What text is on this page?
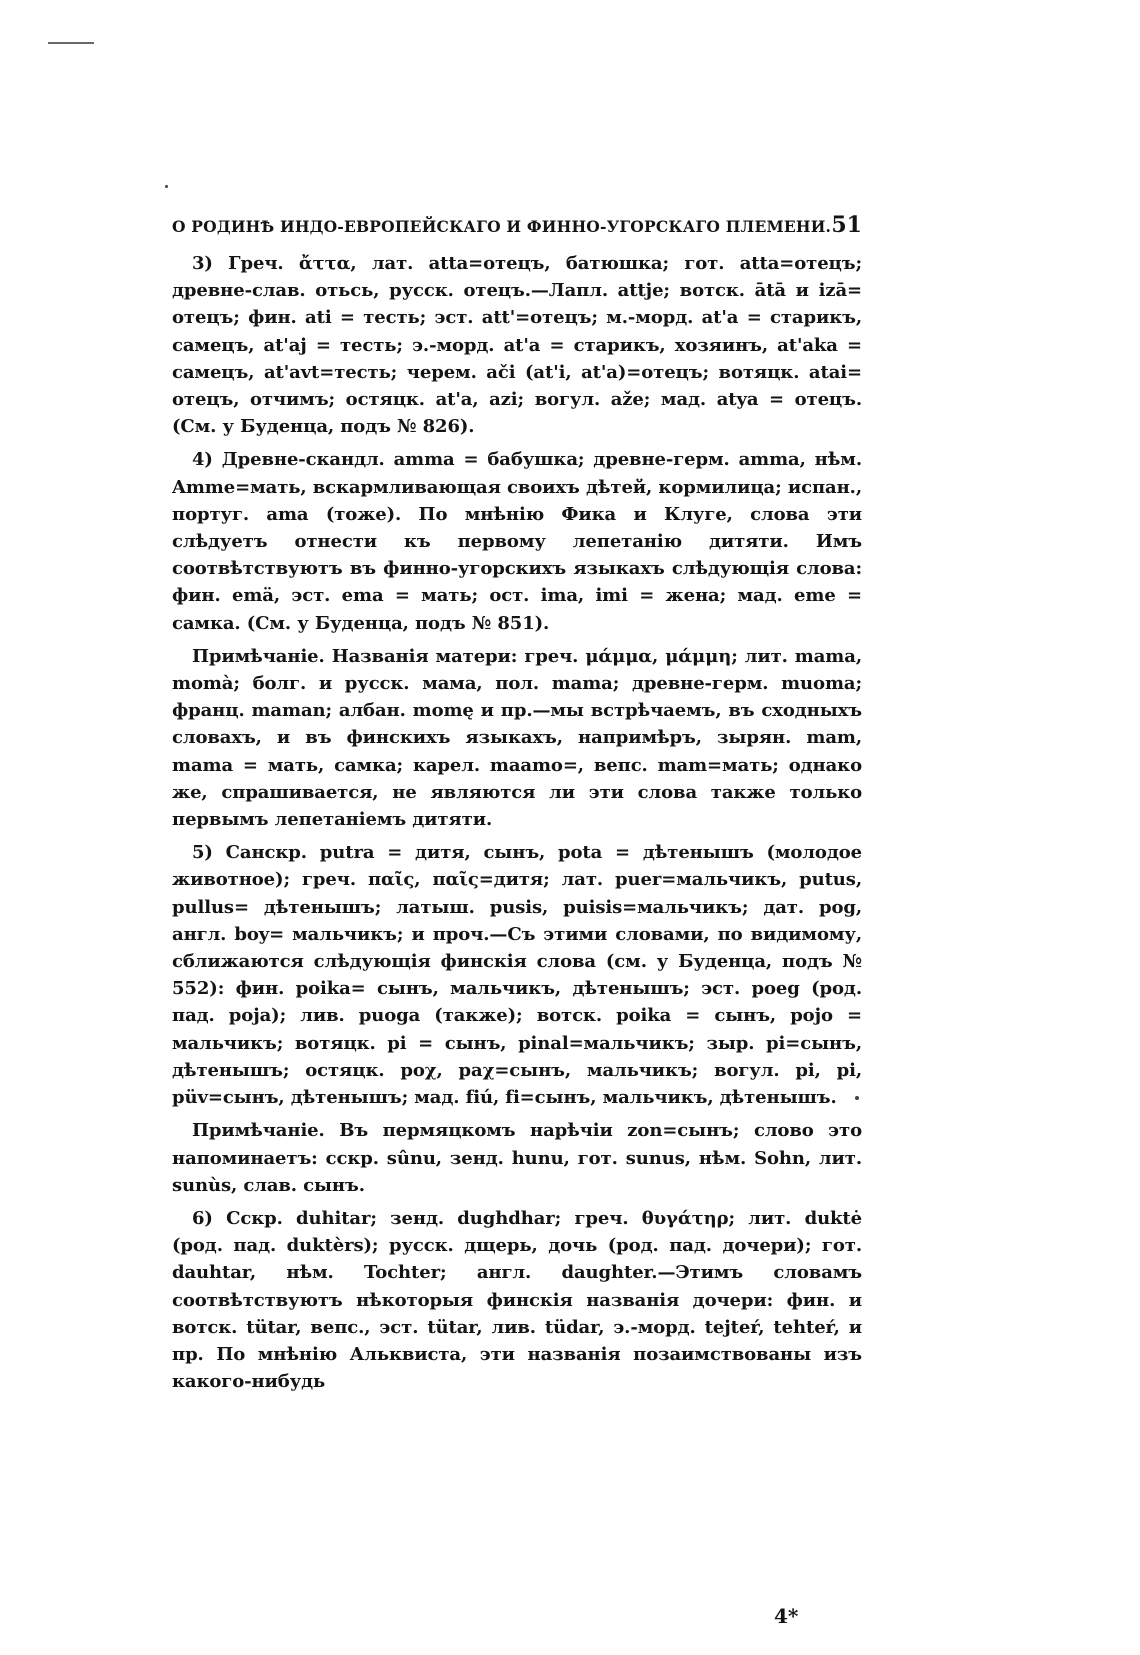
О РОДИНѢ ИНДО-ЕВРОПЕЙСКАГО И ФИННО-УГОРСКАГО ПЛЕМЕНИ. 51

3) Греч. ἄττα, лат. atta=отецъ, батюшка; гот. atta=отецъ; древне-слав. отьсь, русск. отецъ.—Лапл. attje; вотск. ātā и izā= отецъ; фин. ati = тесть; эст. att'=отецъ; м.-морд. at'a = старикъ, самецъ, at'aj = тесть; э.-морд. at'a = старикъ, хозяинъ, at'aka = самецъ, at'avt=тесть; черем. ači (at'i, at'a)=отецъ; вотяцк. atai= отецъ, отчимъ; остяцк. at'a, azi; вогул. aže; мад. atya = отецъ. (См. у Буденца, подъ № 826).

4) Древне-скандл. amma = бабушка; древне-герм. amma, нѣм. Amme=мать, вскармливающая своихъ дѣтей, кормилица; испан., португ. ama (тоже). По мнѣнію Фика и Клуге, слова эти слѣдуетъ отнести къ первому лепетанію дитяти. Имъ соотвѣтствуютъ въ финно-угорскихъ языкахъ слѣдующія слова: фин. emä, эст. ema = мать; ост. ima, imi = жена; мад. eme = самка. (См. у Буденца, подъ № 851).

Примѣчаніе. Названія матери: греч. μάμμα, μάμμη; лит. mama, momà; болг. и русск. мама, пол. mama; древне-герм. muoma; франц. maman; албан. momę и пр.—мы встрѣчаемъ, въ сходныхъ словахъ, и въ финскихъ языкахъ, напримѣръ, зырян. mam, mama = мать, самка; карел. maamo=, вепс. mam=мать; однако же, спрашивается, не являются ли эти слова также только первымъ лепетаніемъ дитяти.

5) Санскр. putra = дитя, сынъ, pota = дѣтенышъ (молодое животное); греч. παῖς, παῖς=дитя; лат. puer=мальчикъ, putus, pullus= дѣтенышъ; латыш. pusis, puisis=мальчикъ; дат. pog, англ. boy= мальчикъ; и проч.—Съ этими словами, по видимому, сближаются слѣдующія финскія слова (см. у Буденца, подъ № 552): фин. poika= сынъ, мальчикъ, дѣтенышъ; эст. poeg (род. пад. poja); лив. puoga (также); вотск. poika = сынъ, pojo = мальчикъ; вотяцк. pi = сынъ, pinal=мальчикъ; зыр. pi=сынъ, дѣтенышъ; остяцк. poχ, paχ=сынъ, мальчикъ; вогул. pi, pi, püv=сынъ, дѣтенышъ; мад. fiú, fi=сынъ, мальчикъ, дѣтенышъ.

Примѣчаніе. Въ пермяцкомъ нарѣчіи zon=сынъ; слово это напоминаетъ: сскр. sûnu, зенд. hunu, гот. sunus, нѣм. Sohn, лит. sunùs, слав. сынъ.

6) Сскр. duhitar; зенд. dughdhar; греч. θυγάτηρ; лит. duktė (род. пад. duktèrs); русск. дщерь, дочь (род. пад. дочери); гот. dauhtar, нѣм. Tochter; англ. daughter.—Этимъ словамъ соотвѣтствуютъ нѣкоторыя финскія названія дочери: фин. и вотск. tütar, вепс., эст. tütar, лив. tüdar, э.-морд. tejteŕ, tehteŕ, и пр. По мнѣнію Альквиста, эти названія позаимствованы изъ какого-нибудь

4*
